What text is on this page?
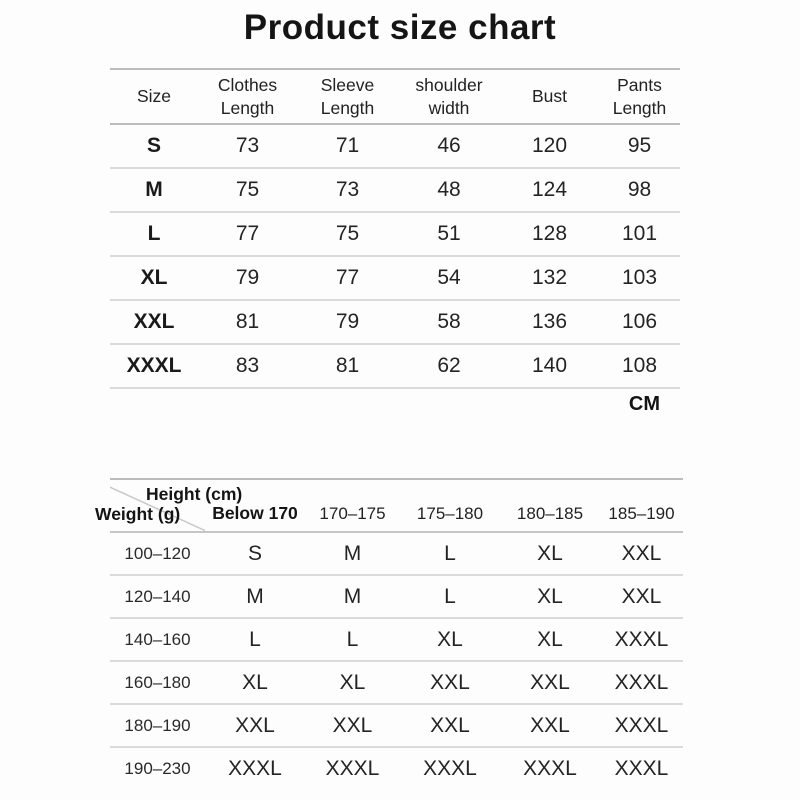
Product size chart
Size	Clothes Length	Sleeve Length	shoulder width	Bust	Pants Length
S	73	71	46	120	95
M	75	73	48	124	98
L	77	75	51	128	101
XL	79	77	54	132	103
XXL	81	79	58	136	106
XXXL	83	81	62	140	108
CM
Height (cm)
Weight (g)	Below 170	170–175	175–180	180–185	185–190
100–120	S	M	L	XL	XXL
120–140	M	M	L	XL	XXL
140–160	L	L	XL	XL	XXXL
160–180	XL	XL	XXL	XXL	XXXL
180–190	XXL	XXL	XXL	XXL	XXXL
190–230	XXXL	XXXL	XXXL	XXXL	XXXL
